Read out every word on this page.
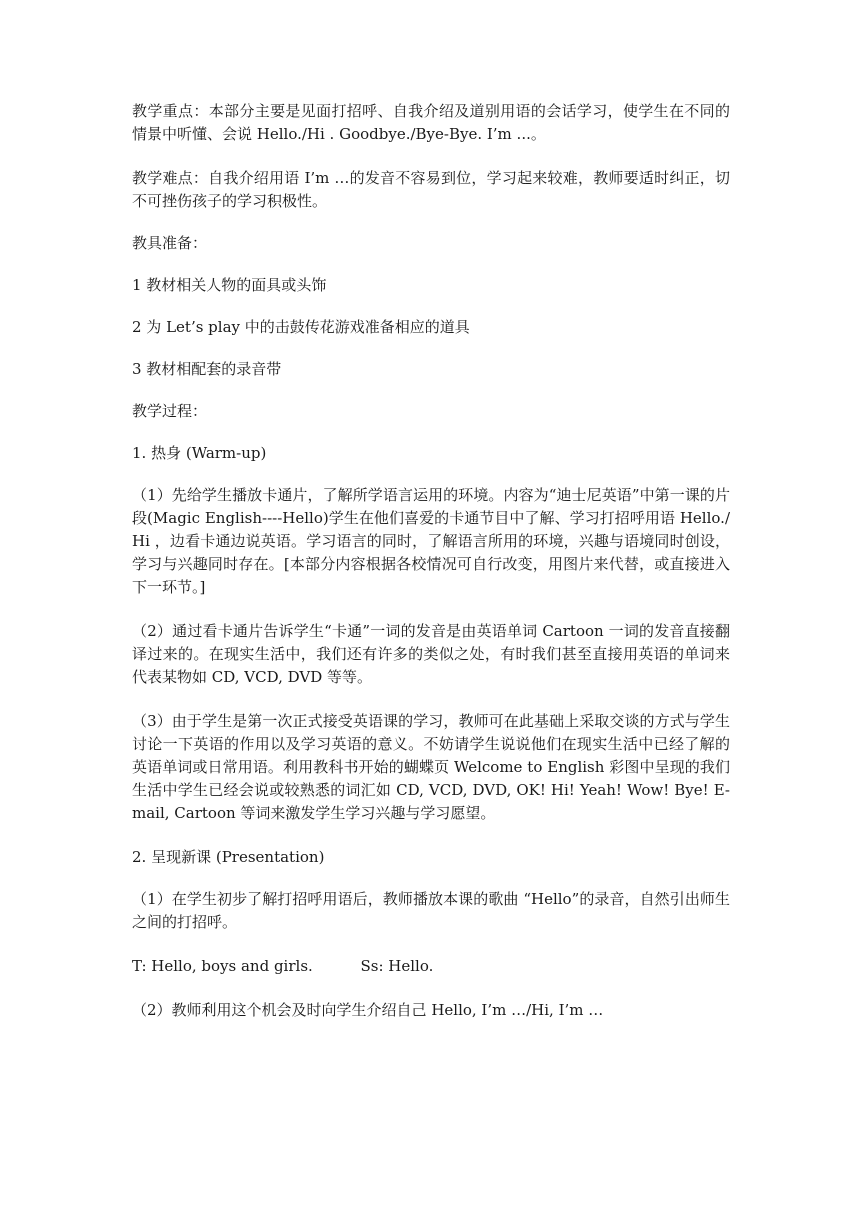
教学重点：本部分主要是见面打招呼、自我介绍及道别用语的会话学习，使学生在不同的情景中听懂、会说 Hello./Hi . Goodbye./Bye-Bye. I’m ...。

教学难点：自我介绍用语 I’m …的发音不容易到位，学习起来较难，教师要适时纠正，切不可挫伤孩子的学习积极性。

教具准备：

1 教材相关人物的面具或头饰

2 为 Let’s play 中的击鼓传花游戏准备相应的道具

3 教材相配套的录音带

教学过程：

1. 热身 (Warm-up)

（1）先给学生播放卡通片，了解所学语言运用的环境。内容为“迪士尼英语”中第一课的片段(Magic English----Hello)学生在他们喜爱的卡通节目中了解、学习打招呼用语 Hello./Hi ，边看卡通边说英语。学习语言的同时，了解语言所用的环境，兴趣与语境同时创设，学习与兴趣同时存在。[本部分内容根据各校情况可自行改变，用图片来代替，或直接进入下一环节。]

（2）通过看卡通片告诉学生“卡通”一词的发音是由英语单词 Cartoon 一词的发音直接翻译过来的。在现实生活中，我们还有许多的类似之处，有时我们甚至直接用英语的单词来代表某物如 CD, VCD, DVD 等等。

（3）由于学生是第一次正式接受英语课的学习，教师可在此基础上采取交谈的方式与学生讨论一下英语的作用以及学习英语的意义。不妨请学生说说他们在现实生活中已经了解的英语单词或日常用语。利用教科书开始的蝴蝶页 Welcome to English 彩图中呈现的我们生活中学生已经会说或较熟悉的词汇如 CD, VCD, DVD, OK! Hi! Yeah! Wow! Bye! E-mail, Cartoon 等词来激发学生学习兴趣与学习愿望。

2. 呈现新课 (Presentation)

（1）在学生初步了解打招呼用语后，教师播放本课的歌曲 “Hello”的录音，自然引出师生之间的打招呼。

T: Hello, boys and girls.          Ss: Hello.

（2）教师利用这个机会及时向学生介绍自己 Hello, I’m …/Hi, I’m …
